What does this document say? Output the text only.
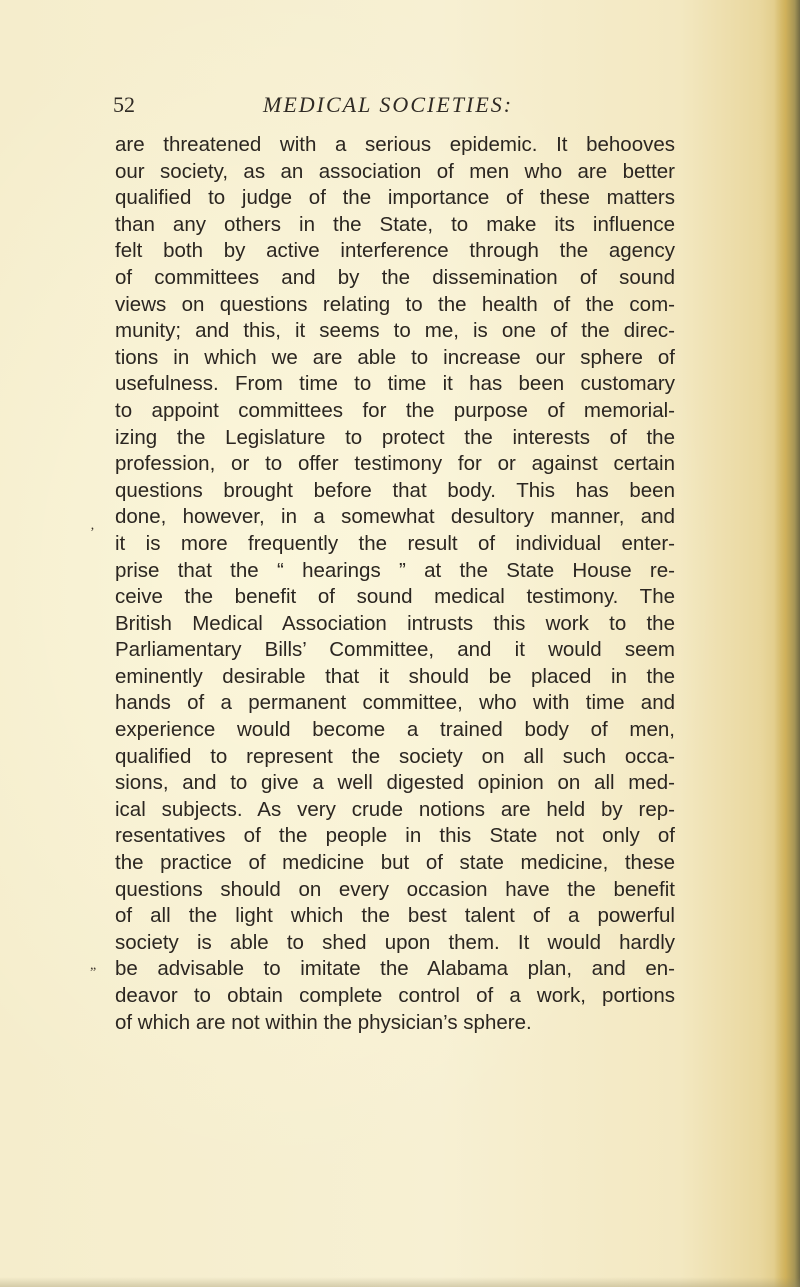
52	MEDICAL SOCIETIES:
are threatened with a serious epidemic. It behooves
our society, as an association of men who are better
qualified to judge of the importance of these matters
than any others in the State, to make its influence
felt both by active interference through the agency
of committees and by the dissemination of sound
views on questions relating to the health of the com-
munity; and this, it seems to me, is one of the direc-
tions in which we are able to increase our sphere of
usefulness. From time to time it has been customary
to appoint committees for the purpose of memorial-
izing the Legislature to protect the interests of the
profession, or to offer testimony for or against certain
questions brought before that body. This has been
done, however, in a somewhat desultory manner, and
it is more frequently the result of individual enter-
prise that the “ hearings ” at the State House re-
ceive the benefit of sound medical testimony. The
British Medical Association intrusts this work to the
Parliamentary Bills’ Committee, and it would seem
eminently desirable that it should be placed in the
hands of a permanent committee, who with time and
experience would become a trained body of men,
qualified to represent the society on all such occa-
sions, and to give a well digested opinion on all med-
ical subjects. As very crude notions are held by rep-
resentatives of the people in this State not only of
the practice of medicine but of state medicine, these
questions should on every occasion have the benefit
of all the light which the best talent of a powerful
society is able to shed upon them. It would hardly
be advisable to imitate the Alabama plan, and en-
deavor to obtain complete control of a work, portions
of which are not within the physician’s sphere.
‚
„
